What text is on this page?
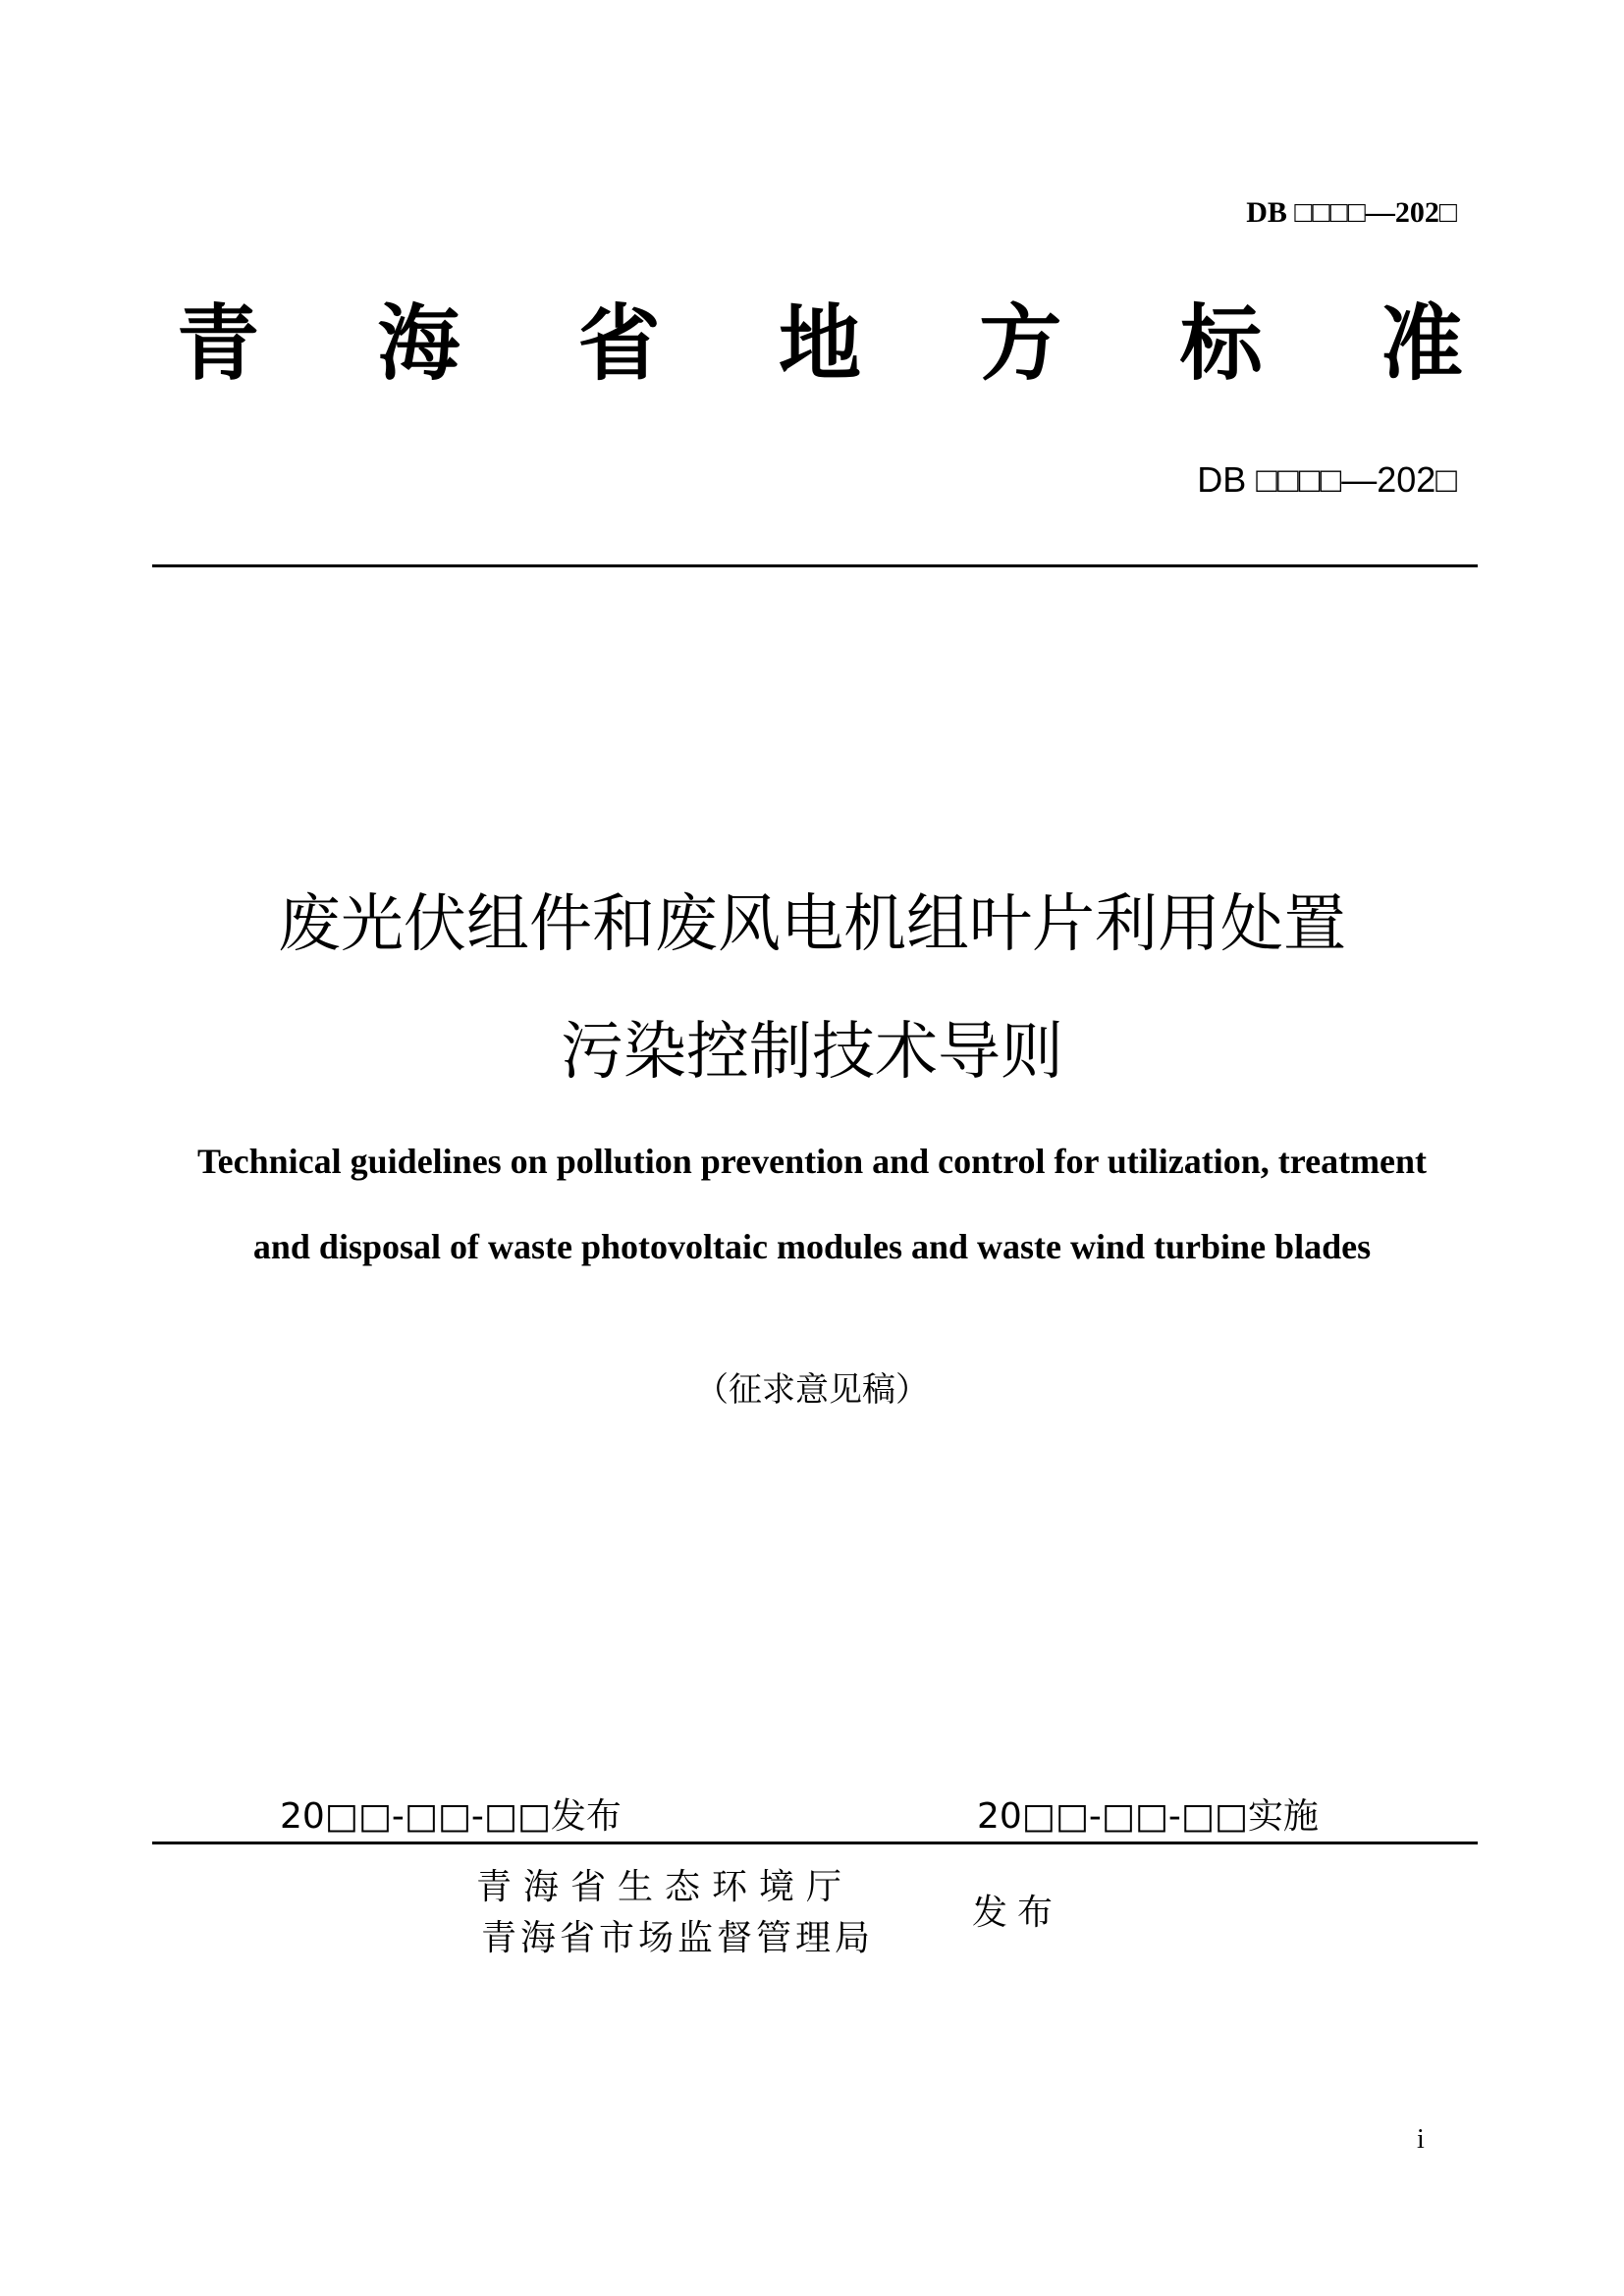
DB □□□□—202□
青 海 省 地 方 标 准
DB □□□□—202□
废光伏组件和废风电机组叶片利用处置
污染控制技术导则
Technical guidelines on pollution prevention and control for utilization, treatment and disposal of waste photovoltaic modules and waste wind turbine blades
（征求意见稿）
20□□-□□-□□发布	20□□-□□-□□实施
青海省生态环境厅
青海省市场监督管理局
发布
i
